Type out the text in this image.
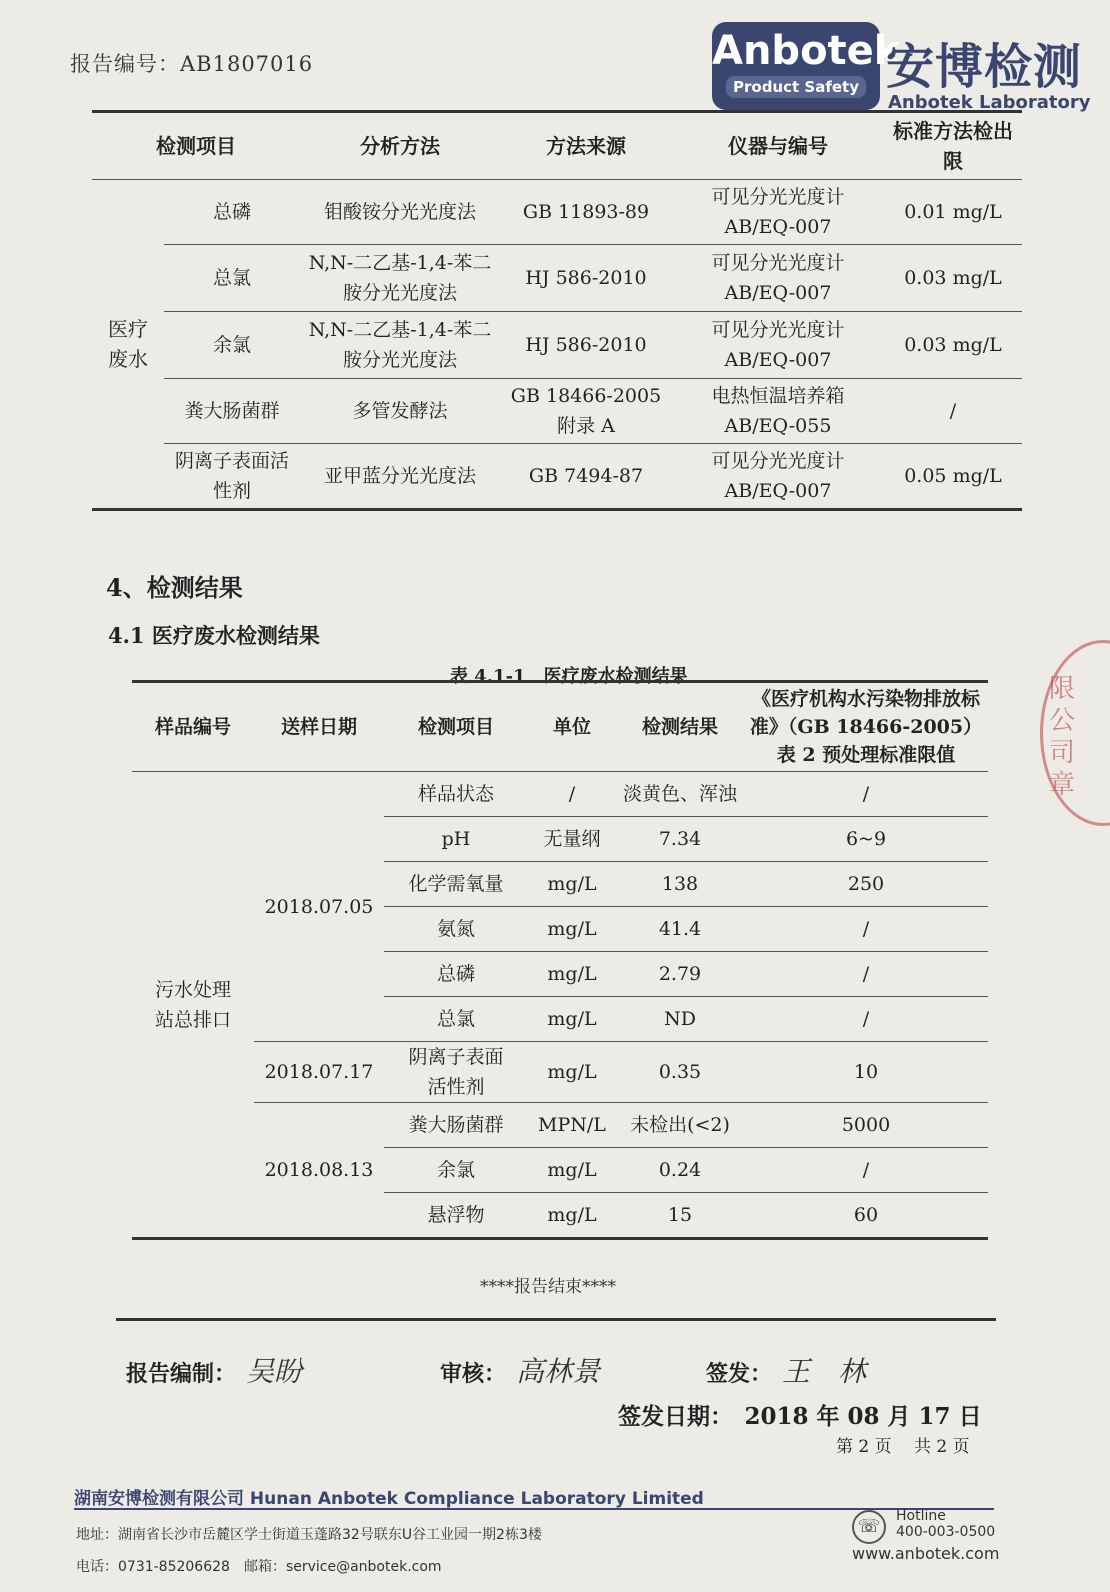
报告编号：AB1807016	Anbotek
Product Safety 安博检测
Anbotek Laboratory
检测项目		分析方法	方法来源	仪器与编号	标准方法检出限
医疗废水	总磷	钼酸铵分光光度法	GB 11893-89	可见分光光度计 AB/EQ-007	0.01 mg/L
	总氯	N,N-二乙基-1,4-苯二胺分光光度法	HJ 586-2010	可见分光光度计 AB/EQ-007	0.03 mg/L
	余氯	N,N-二乙基-1,4-苯二胺分光光度法	HJ 586-2010	可见分光光度计 AB/EQ-007	0.03 mg/L
	粪大肠菌群	多管发酵法	GB 18466-2005 附录 A	电热恒温培养箱 AB/EQ-055	/
	阴离子表面活性剂	亚甲蓝分光光度法	GB 7494-87	可见分光光度计 AB/EQ-007	0.05 mg/L
4、检测结果
4.1 医疗废水检测结果
表 4.1-1　医疗废水检测结果
样品编号	送样日期	检测项目	单位	检测结果	《医疗机构水污染物排放标准》（GB 18466-2005）表 2 预处理标准限值
污水处理站总排口	2018.07.05	样品状态	/	淡黄色、浑浊	/
		pH	无量纲	7.34	6~9
		化学需氧量	mg/L	138	250
		氨氮	mg/L	41.4	/
		总磷	mg/L	2.79	/
		总氯	mg/L	ND	/
	2018.07.17	阴离子表面活性剂	mg/L	0.35	10
	2018.08.13	粪大肠菌群	MPN/L	未检出(<2)	5000
		余氯	mg/L	0.24	/
		悬浮物	mg/L	15	60
限公司章
****报告结束****
报告编制： 吴盼	审核： 高林景	签发： 王　林
签发日期：　2018 年 08 月 17 日
第 2 页　 共 2 页
湖南安博检测有限公司 Hunan Anbotek Compliance Laboratory Limited
地址：湖南省长沙市岳麓区学士街道玉蓬路32号联东U谷工业园一期2栋3楼
电话：0731-85206628　邮箱：service@anbotek.com
☏	Hotline
400-003-0500
www.anbotek.com
